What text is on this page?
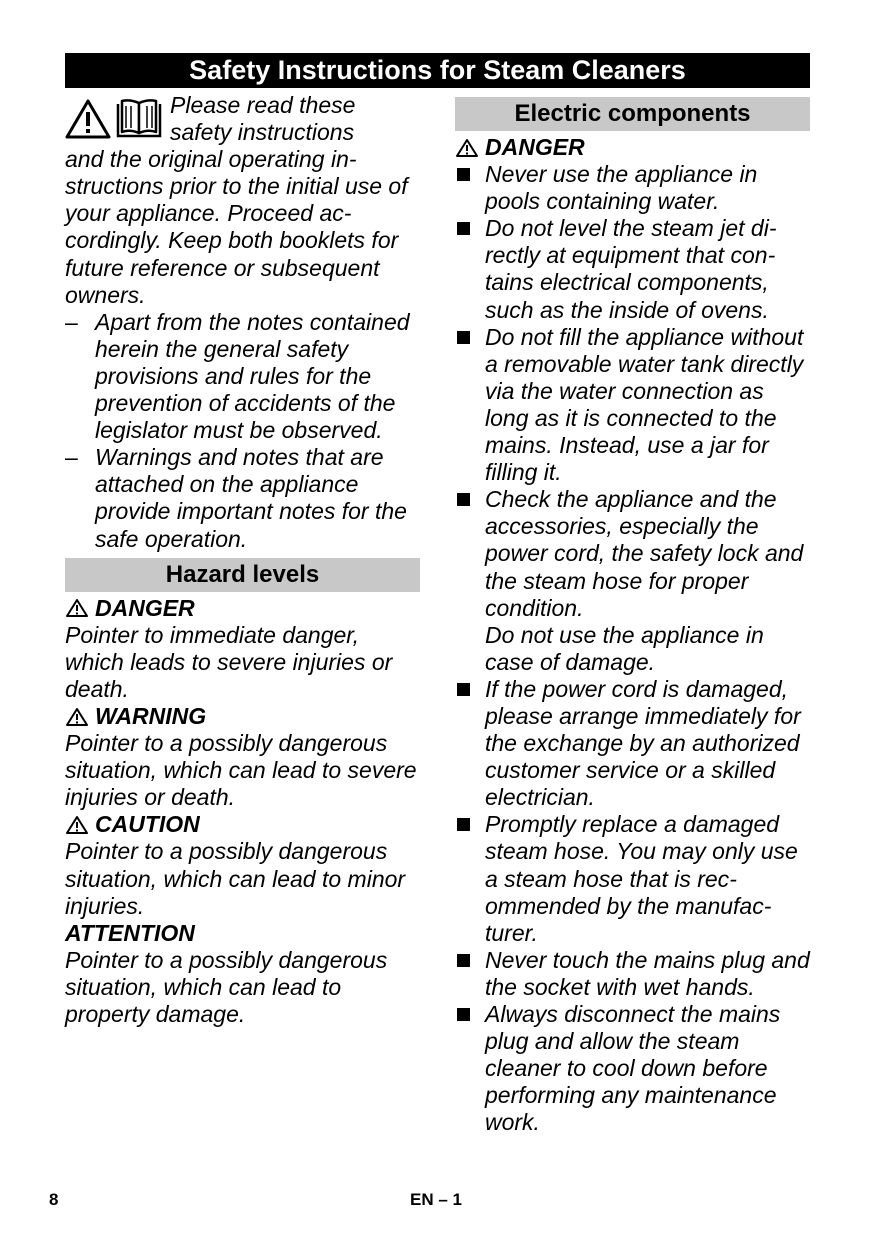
Safety Instructions for Steam Cleaners
Please read these
safety instructions
and the original operating instructions prior to the initial use of your appliance. Proceed accordingly. Keep both booklets for future reference or subsequent owners.
– Apart from the notes contained herein the general safety provisions and rules for the prevention of accidents of the legislator must be observed.
– Warnings and notes that are attached on the appliance provide important notes for the safe operation.
Hazard levels
DANGER
Pointer to immediate danger, which leads to severe injuries or death.
WARNING
Pointer to a possibly dangerous situation, which can lead to severe injuries or death.
CAUTION
Pointer to a possibly dangerous situation, which can lead to minor injuries.
ATTENTION
Pointer to a possibly dangerous situation, which can lead to property damage.
Electric components
DANGER
Never use the appliance in pools containing water.
Do not level the steam jet directly at equipment that contains electrical components, such as the inside of ovens.
Do not fill the appliance without a removable water tank directly via the water connection as long as it is connected to the mains. Instead, use a jar for filling it.
Check the appliance and the accessories, especially the power cord, the safety lock and the steam hose for proper condition.
Do not use the appliance in case of damage.
If the power cord is damaged, please arrange immediately for the exchange by an authorized customer service or a skilled electrician.
Promptly replace a damaged steam hose. You may only use a steam hose that is recommended by the manufacturer.
Never touch the mains plug and the socket with wet hands.
Always disconnect the mains plug and allow the steam cleaner to cool down before performing any maintenance work.
8	EN – 1
